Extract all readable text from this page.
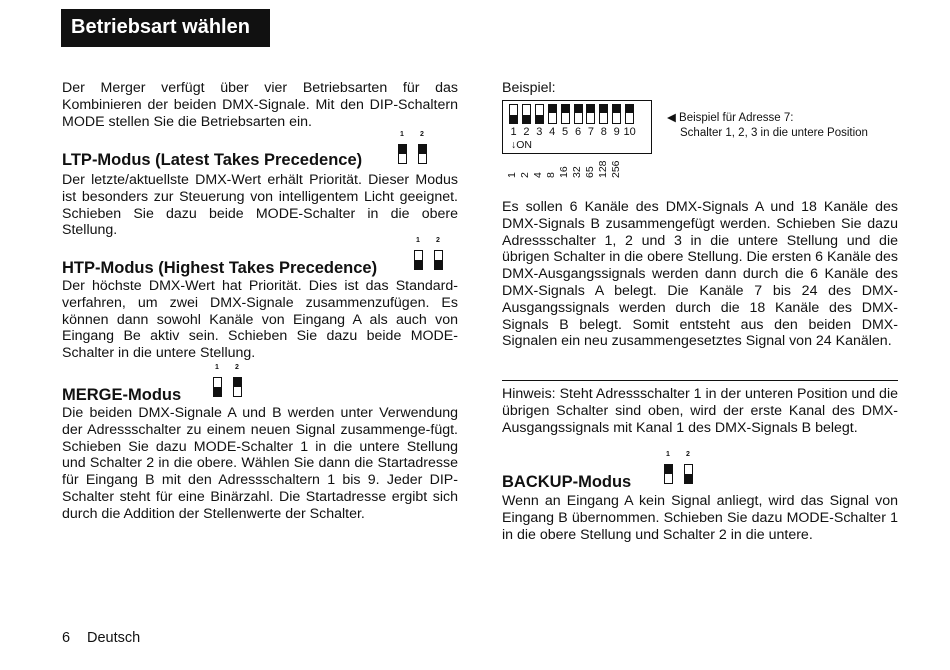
Betriebsart wählen

Der Merger verfügt über vier Betriebsarten für das Kombinieren der beiden DMX-Signale. Mit den DIP-Schaltern MODE stellen Sie die Betriebsarten ein.

LTP-Modus (Latest Takes Precedence)
1 2

Der letzte/aktuellste DMX-Wert erhält Priorität. Dieser Modus ist besonders zur Steuerung von intelligentem Licht geeignet. Schieben Sie dazu beide MODE-Schalter in die obere Stellung.

HTP-Modus (Highest Takes Precedence)
1 2

Der höchste DMX-Wert hat Priorität. Dies ist das Standard-verfahren, um zwei DMX-Signale zusammenzufügen. Es können dann sowohl Kanäle von Eingang A als auch von Eingang Be aktiv sein. Schieben Sie dazu beide MODE-Schalter in die untere Stellung.

MERGE-Modus
1 2

Die beiden DMX-Signale A und B werden unter Verwendung der Adressschalter zu einem neuen Signal zusammenge-fügt. Schieben Sie dazu MODE-Schalter 1 in die untere Stellung und Schalter 2 in die obere. Wählen Sie dann die Startadresse für Eingang B mit den Adressschaltern 1 bis 9. Jeder DIP-Schalter steht für eine Binärzahl. Die Startadresse ergibt sich durch die Addition der Stellenwerte der Schalter.

Beispiel:
1 2 3 4 5 6 7 8 9 10
↓ON
1 2 4 8 16 32 65 128 256
◀ Beispiel für Adresse 7:
Schalter 1, 2, 3 in die untere Position

Es sollen 6 Kanäle des DMX-Signals A und 18 Kanäle des DMX-Signals B zusammengefügt werden. Schieben Sie dazu Adressschalter 1, 2 und 3 in die untere Stellung und die übrigen Schalter in die obere Stellung. Die ersten 6 Kanäle des DMX-Ausgangssignals werden dann durch die 6 Kanäle des DMX-Signals A belegt. Die Kanäle 7 bis 24 des DMX-Ausgangssignals werden durch die 18 Kanäle des DMX-Signals B belegt. Somit entsteht aus den beiden DMX-Signalen ein neu zusammengesetztes Signal von 24 Kanälen.

Hinweis: Steht Adressschalter 1 in der unteren Position und die übrigen Schalter sind oben, wird der erste Kanal des DMX-Ausgangssignals mit Kanal 1 des DMX-Signals B belegt.

BACKUP-Modus
1 2

Wenn an Eingang A kein Signal anliegt, wird das Signal von Eingang B übernommen. Schieben Sie dazu MODE-Schalter 1 in die obere Stellung und Schalter 2 in die untere.

6 Deutsch
